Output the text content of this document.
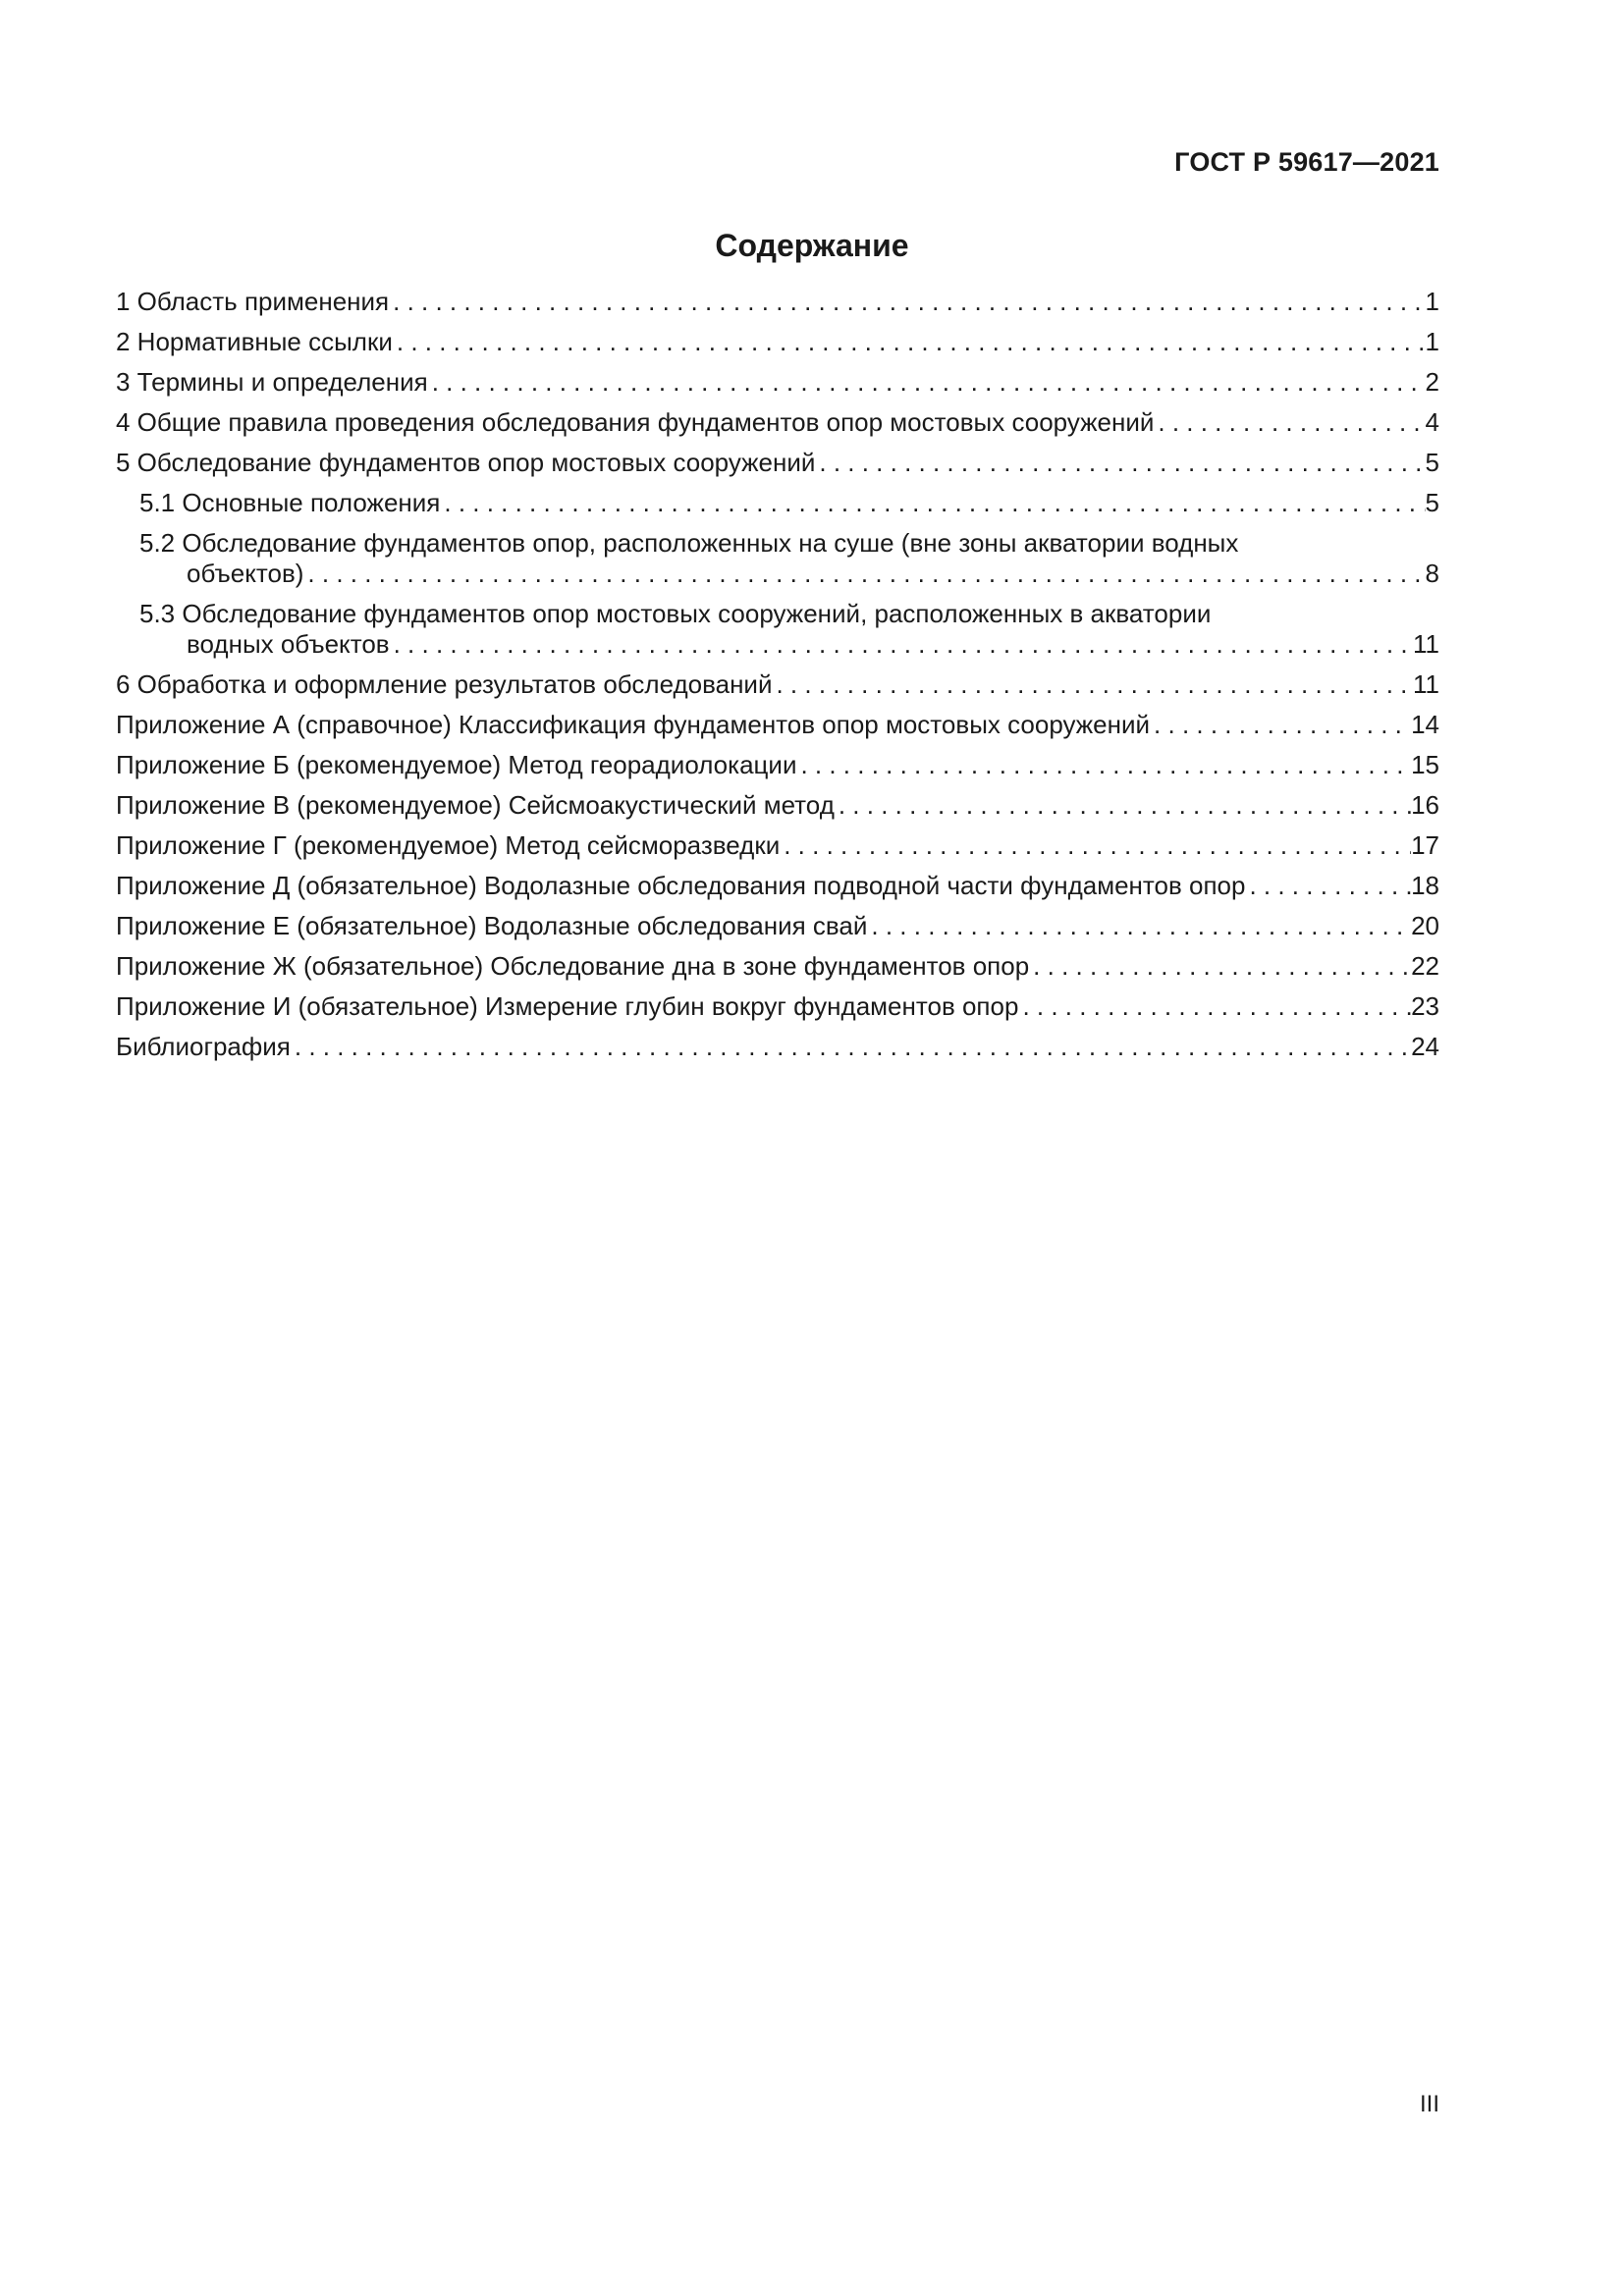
ГОСТ Р 59617—2021
Содержание
1 Область применения . . .	1
2 Нормативные ссылки . . .	1
3 Термины и определения . . .	2
4 Общие правила проведения обследования фундаментов опор мостовых сооружений . . .	4
5 Обследование фундаментов опор мостовых сооружений . . .	5
5.1 Основные положения . . .	5
5.2 Обследование фундаментов опор, расположенных на суше (вне зоны акватории водных
объектов) . . .	8
5.3 Обследование фундаментов опор мостовых сооружений, расположенных в акватории
водных объектов . . .	11
6 Обработка и оформление результатов обследований . . .	11
Приложение А (справочное) Классификация фундаментов опор мостовых сооружений . . .	14
Приложение Б (рекомендуемое) Метод георадиолокации . . .	15
Приложение В (рекомендуемое) Сейсмоакустический метод . . .	16
Приложение Г (рекомендуемое) Метод сейсморазведки . . .	17
Приложение Д (обязательное) Водолазные обследования подводной части фундаментов опор . . .	18
Приложение Е (обязательное) Водолазные обследования свай . . .	20
Приложение Ж (обязательное) Обследование дна в зоне фундаментов опор . . .	22
Приложение И (обязательное) Измерение глубин вокруг фундаментов опор . . .	23
Библиография . . .	24
III
